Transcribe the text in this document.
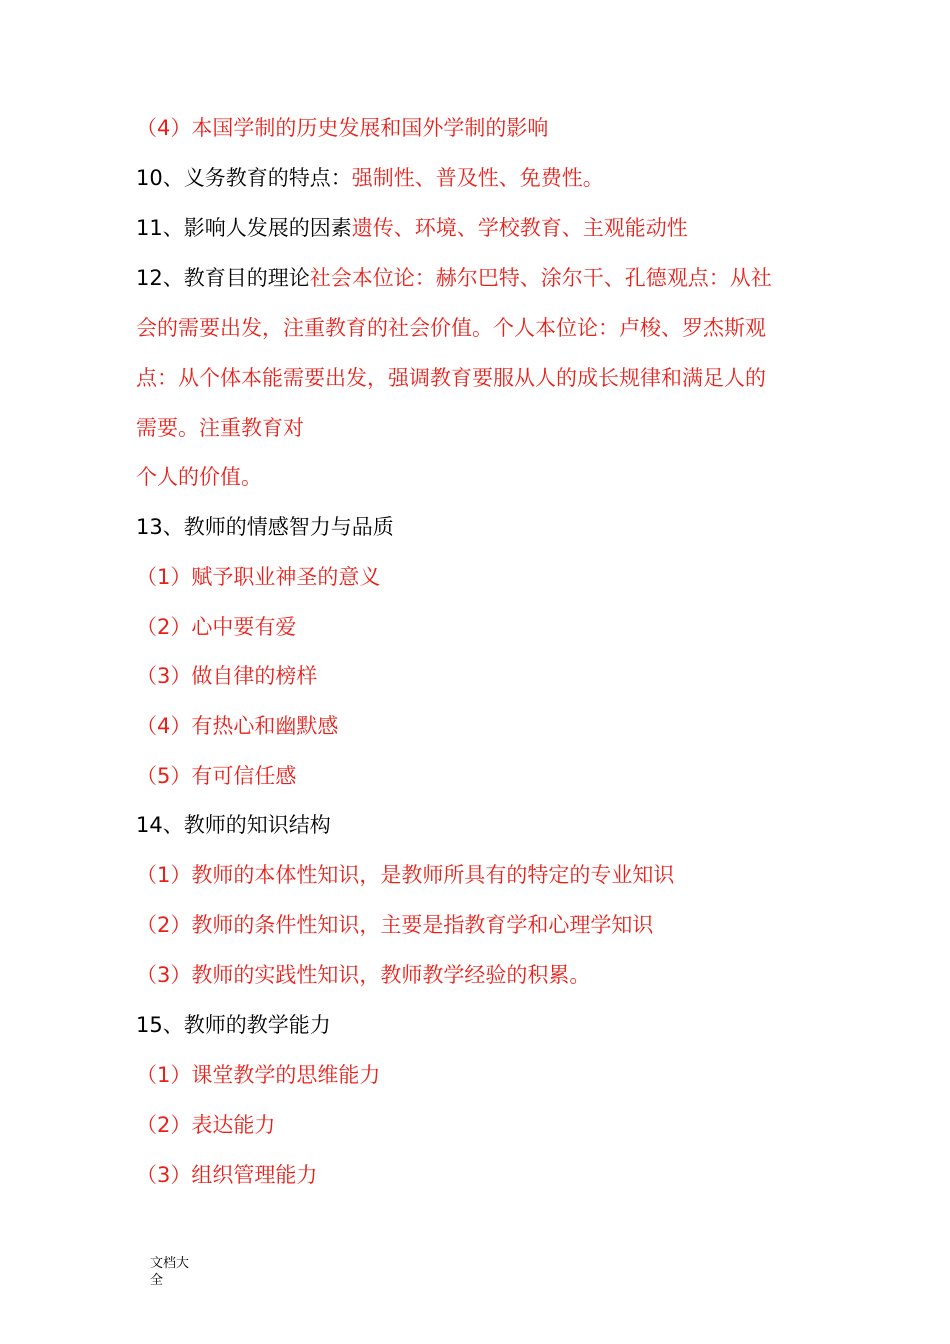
（4）本国学制的历史发展和国外学制的影响
10、义务教育的特点：强制性、普及性、免费性。
11、影响人发展的因素遗传、环境、学校教育、主观能动性
12、教育目的理论社会本位论：赫尔巴特、涂尔干、孔德观点：从社
会的需要出发，注重教育的社会价值。个人本位论：卢梭、罗杰斯观
点：从个体本能需要出发，强调教育要服从人的成长规律和满足人的
需要。注重教育对
个人的价值。
13、教师的情感智力与品质
（1）赋予职业神圣的意义
（2）心中要有爱
（3）做自律的榜样
（4）有热心和幽默感
（5）有可信任感
14、教师的知识结构
（1）教师的本体性知识，是教师所具有的特定的专业知识
（2）教师的条件性知识，主要是指教育学和心理学知识
（3）教师的实践性知识，教师教学经验的积累。
15、教师的教学能力
（1）课堂教学的思维能力
（2）表达能力
（3）组织管理能力
文档大
全
